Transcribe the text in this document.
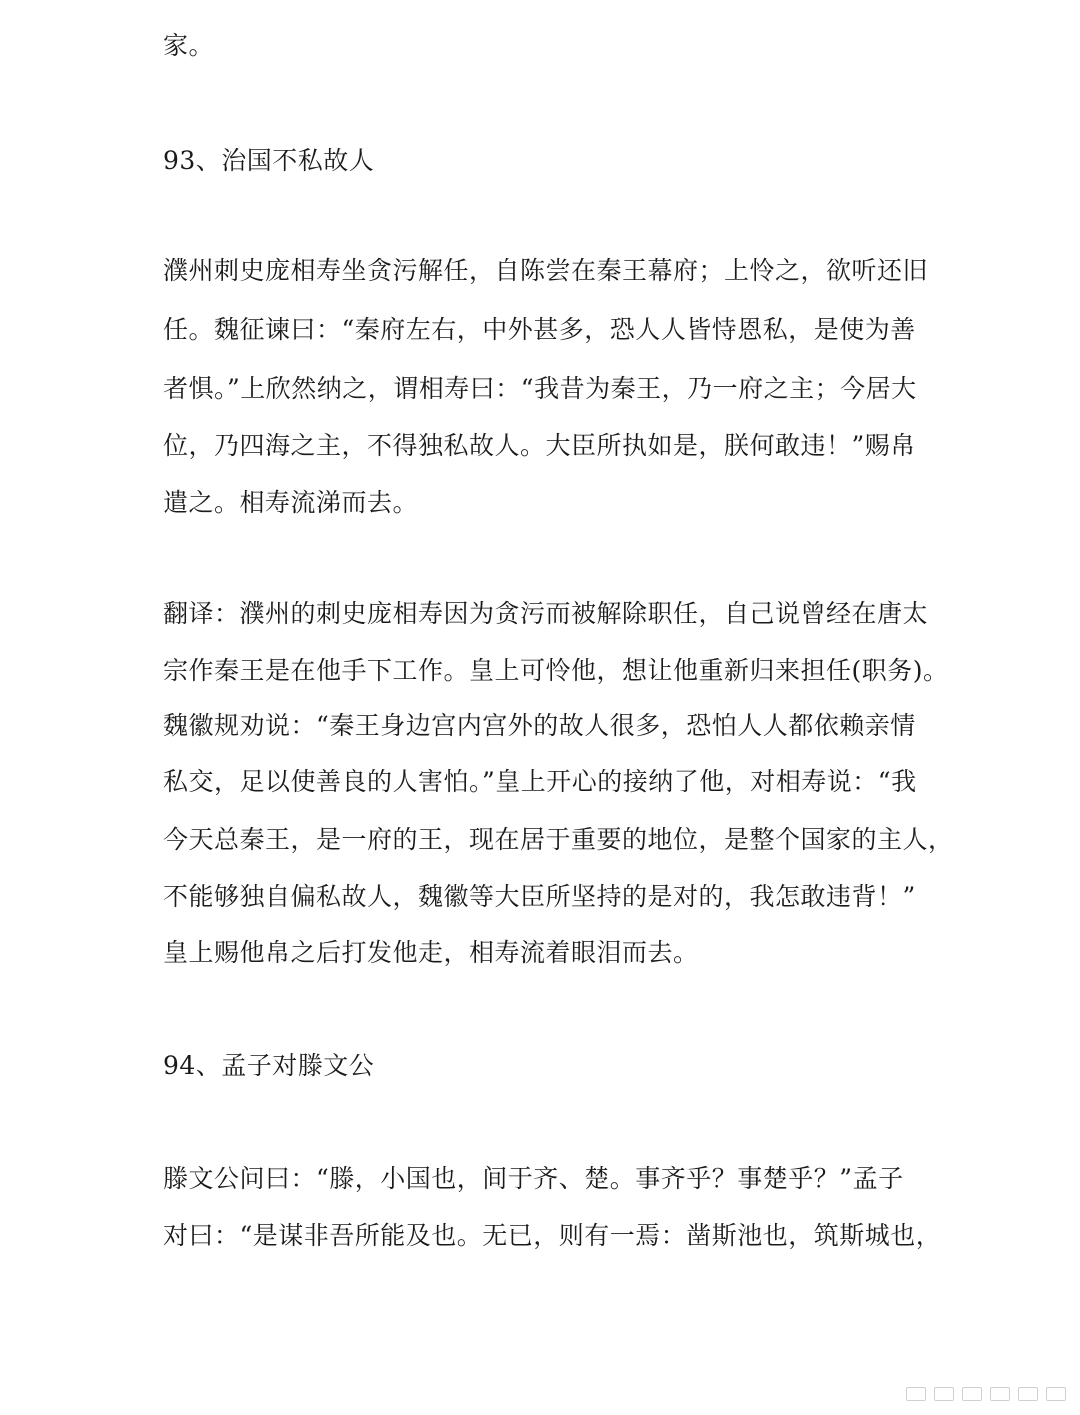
家。
93、治国不私故人
濮州刺史庞相寿坐贪污解任，自陈尝在秦王幕府；上怜之，欲听还旧
任。魏征谏曰：“秦府左右，中外甚多，恐人人皆恃恩私，是使为善
者惧。”上欣然纳之，谓相寿曰：“我昔为秦王，乃一府之主；今居大
位，乃四海之主，不得独私故人。大臣所执如是，朕何敢违！”赐帛
遣之。相寿流涕而去。
翻译：濮州的刺史庞相寿因为贪污而被解除职任，自己说曾经在唐太
宗作秦王是在他手下工作。皇上可怜他，想让他重新归来担任(职务)。
魏徽规劝说：“秦王身边宫内宫外的故人很多，恐怕人人都依赖亲情
私交，足以使善良的人害怕。”皇上开心的接纳了他，对相寿说：“我
今天总秦王，是一府的王，现在居于重要的地位，是整个国家的主人，
不能够独自偏私故人，魏徽等大臣所坚持的是对的，我怎敢违背！”
皇上赐他帛之后打发他走，相寿流着眼泪而去。
94、孟子对滕文公
滕文公问曰：“滕，小国也，间于齐、楚。事齐乎？事楚乎？”孟子
对曰：“是谋非吾所能及也。无已，则有一焉：凿斯池也，筑斯城也，
